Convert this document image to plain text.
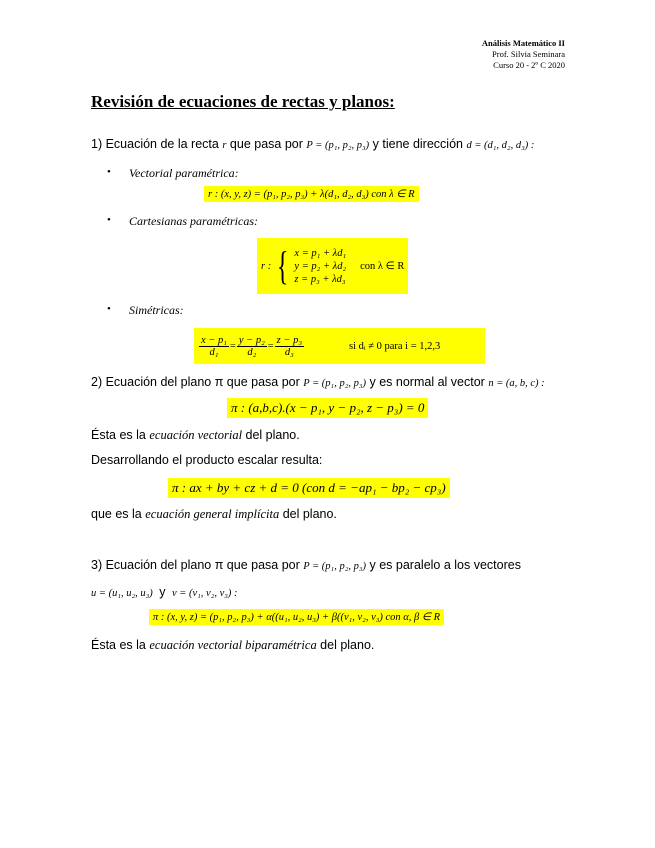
Análisis Matemático II
Prof. Silvia Seminara
Curso 20 - 2º C 2020
Revisión de ecuaciones de rectas y planos:
1) Ecuación de la recta r que pasa por P = (p₁, p₂, p₃) y tiene dirección d = (d₁, d₂, d₃) :
• Vectorial paramétrica:
r : (x, y, z) = (p₁, p₂, p₃) + λ(d₁, d₂, d₃) con λ ∈ R
• Cartesianas paramétricas:
r : { x = p₁ + λd₁
y = p₂ + λd₂
z = p₃ + λd₃
con λ ∈ R
• Simétricas:
$\frac{\text{x − p₁}}{\text{d₁}} = \frac{\text{y − p₂}}{\text{d₂}} = \frac{\text{z − p₃}}{\text{d₃}}$	si dᵢ ≠ 0 para i = 1,2,3
2) Ecuación del plano π que pasa por P = (p₁, p₂, p₃) y es normal al vector n = (a, b, c) :
π : (a,b,c).(x − p₁, y − p₂, z − p₃) = 0
Ésta es la ecuación vectorial del plano.
Desarrollando el producto escalar resulta:
π : ax + by + cz + d = 0 (con d = −ap₁ − bp₂ − cp₃)
que es la ecuación general implícita del plano.
3) Ecuación del plano π que pasa por P = (p₁, p₂, p₃) y es paralelo a los vectores
u = (u₁, u₂, u₃) y v = (v₁, v₂, v₃) :
π : (x, y, z) = (p₁, p₂, p₃) + α((u₁, u₂, u₃) + β((v₁, v₂, v₃) con α, β ∈ R
Ésta es la ecuación vectorial biparamétrica del plano.
